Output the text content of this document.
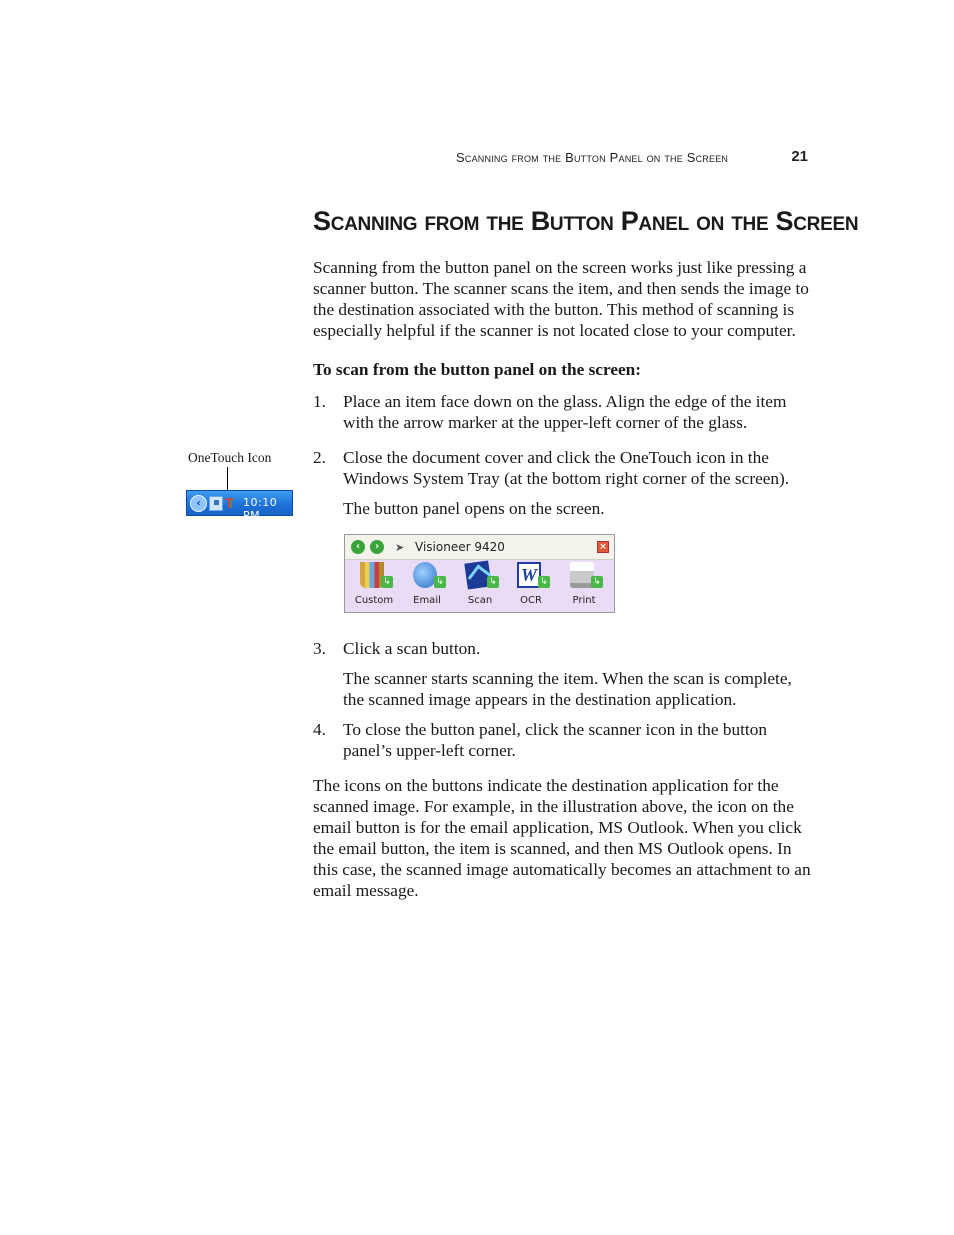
Scanning from the Button Panel on the Screen	21
Scanning from the Button Panel on the Screen

Scanning from the button panel on the screen works just like pressing a scanner button. The scanner scans the item, and then sends the image to the destination associated with the button. This method of scanning is especially helpful if the scanner is not located close to your computer.

To scan from the button panel on the screen:

1. Place an item face down on the glass. Align the edge of the item with the arrow marker at the upper-left corner of the glass.
2. Close the document cover and click the OneTouch icon in the Windows System Tray (at the bottom right corner of the screen).

The button panel opens on the screen.

OneTouch Icon
‹	T 10:10 PM
‹	›	➤ Visioneer 9420	×
↳
Custom
↳
Email
↳
Scan
W ↳
OCR
↳
Print
3. Click a scan button.

The scanner starts scanning the item. When the scan is complete, the scanned image appears in the destination application.

4. To close the button panel, click the scanner icon in the button panel’s upper-left corner.

The icons on the buttons indicate the destination application for the scanned image. For example, in the illustration above, the icon on the email button is for the email application, MS Outlook. When you click the email button, the item is scanned, and then MS Outlook opens. In this case, the scanned image automatically becomes an attachment to an email message.
